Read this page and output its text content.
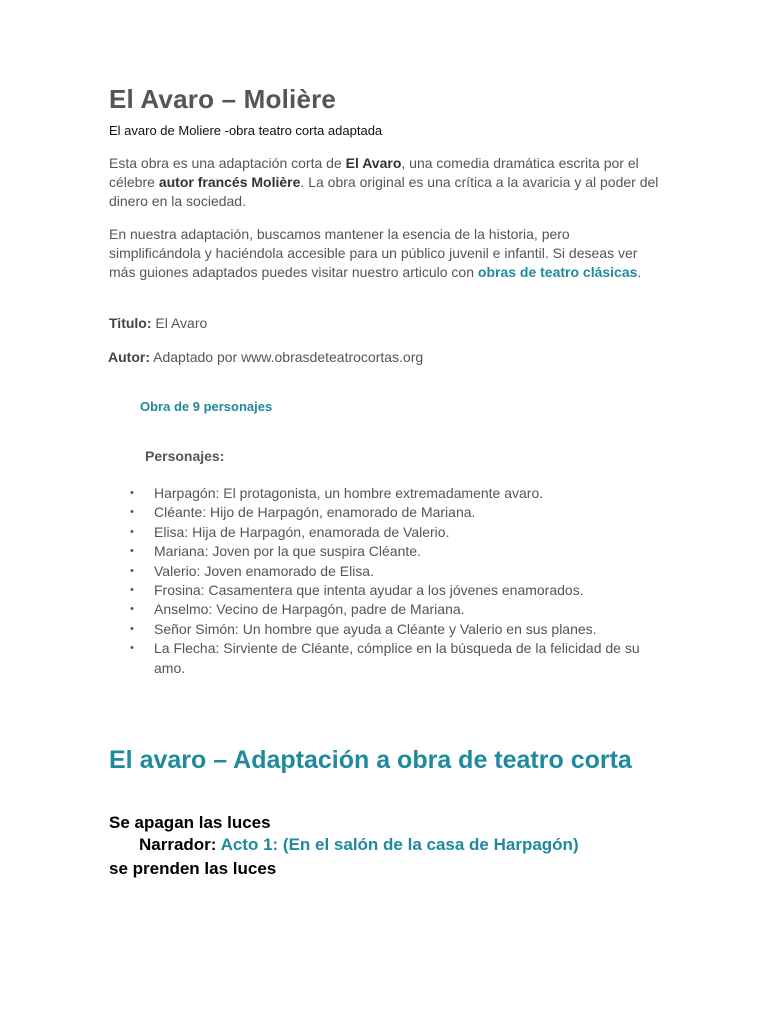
El Avaro – Molière

El avaro de Moliere -obra teatro corta adaptada

Esta obra es una adaptación corta de El Avaro, una comedia dramática escrita por el célebre autor francés Molière. La obra original es una crítica a la avaricia y al poder del dinero en la sociedad.

En nuestra adaptación, buscamos mantener la esencia de la historia, pero simplificándola y haciéndola accesible para un público juvenil e infantil. Si deseas ver más guiones adaptados puedes visitar nuestro articulo con obras de teatro clásicas.

Titulo: El Avaro

Autor: Adaptado por www.obrasdeteatrocortas.org

Obra de 9 personajes

Personajes:

•	Harpagón: El protagonista, un hombre extremadamente avaro.
•	Cléante: Hijo de Harpagón, enamorado de Mariana.
•	Elisa: Hija de Harpagón, enamorada de Valerio.
•	Mariana: Joven por la que suspira Cléante.
•	Valerio: Joven enamorado de Elisa.
•	Frosina: Casamentera que intenta ayudar a los jóvenes enamorados.
•	Anselmo: Vecino de Harpagón, padre de Mariana.
•	Señor Simón: Un hombre que ayuda a Cléante y Valerio en sus planes.
•	La Flecha: Sirviente de Cléante, cómplice en la búsqueda de la felicidad de su amo.
El avaro – Adaptación a obra de teatro corta

Se apagan las luces

Narrador: Acto 1: (En el salón de la casa de Harpagón)

se prenden las luces
